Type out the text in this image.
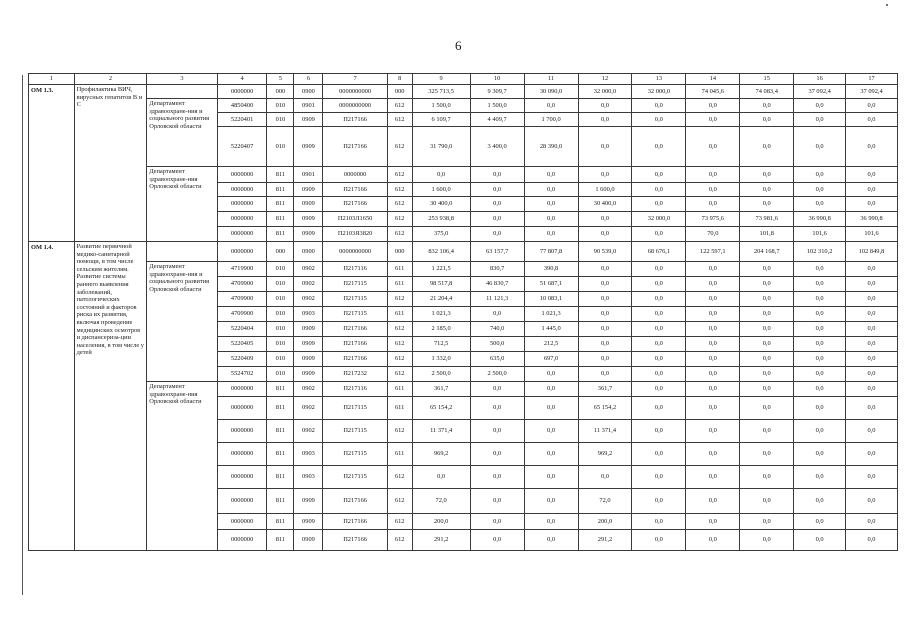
6
1	2	3	4	5	6	7	8	9	10	11	12	13	14	15	16	17
ОМ 1.3.	Профилактика ВИЧ, вирусных гепатитов В и С		0000000	000	0900	0000000000	000	325 713,5	9 309,7	30 090,0	32 000,0	32 000,0	74 045,6	74 083,4	37 092,4	37 092,4
		Департамент здравоохране-ния и социального развития Орловской области	4850400	010	0901	0000000000	612	1 500,0	1 500,0	0,0	0,0	0,0	0,0	0,0	0,0	0,0
			5220401	010	0909	П217166	612	6 109,7	4 409,7	1 700,0	0,0	0,0	0,0	0,0	0,0	0,0
			5220407	010	0909	П217166	612	31 790,0	3 400,0	28 390,0	0,0	0,0	0,0	0,0	0,0	0,0
		Департамент здравоохране-ния Орловской области	0000000	811	0901	0000000	612	0,0	0,0	0,0	0,0	0,0	0,0	0,0	0,0	0,0
			0000000	811	0909	П217166	612	1 600,0	0,0	0,0	1 600,0	0,0	0,0	0,0	0,0	0,0
			0000000	811	0909	П217166	612	30 400,0	0,0	0,0	30 400,0	0,0	0,0	0,0	0,0	0,0
			0000000	811	0909	П2103Л1650	612	253 938,8	0,0	0,0	0,0	32 000,0	73 975,6	73 981,6	36 990,8	36 990,8
			0000000	811	0909	П2103Я3820	612	375,0	0,0	0,0	0,0	0,0	70,0	101,8	101,6	101,6
ОМ 1.4.	Развитие первичной медико-санитарной помощи, в том числе сельским жителям. Развитие системы раннего выявления заболеваний, патологических состояний и факторов риска их развития, включая проведение медицинских осмотров и диспансериза-ции населения, в том числе у детей		0000000	000	0900	0000000000	000	832 106,4	63 157,7	77 807,8	90 539,0	68 676,1	122 597,1	204 168,7	102 310,2	102 849,8
		Департамент здравоохране-ния и социального развития Орловской области	4719900	010	0902	П217116	611	1 221,5	830,7	390,8	0,0	0,0	0,0	0,0	0,0	0,0
			4709900	010	0902	П217115	611	98 517,8	46 830,7	51 687,1	0,0	0,0	0,0	0,0	0,0	0,0
			4709900	010	0902	П217115	612	21 204,4	11 121,3	10 083,1	0,0	0,0	0,0	0,0	0,0	0,0
			4709900	010	0903	П217115	611	1 021,3	0,0	1 021,3	0,0	0,0	0,0	0,0	0,0	0,0
			5220404	010	0909	П217166	612	2 185,0	740,0	1 445,0	0,0	0,0	0,0	0,0	0,0	0,0
			5220405	010	0909	П217166	612	712,5	500,0	212,5	0,0	0,0	0,0	0,0	0,0	0,0
			5220409	010	0909	П217166	612	1 332,0	635,0	697,0	0,0	0,0	0,0	0,0	0,0	0,0
			5524702	010	0909	П217232	612	2 500,0	2 500,0	0,0	0,0	0,0	0,0	0,0	0,0	0,0
		Департамент здравоохране-ния Орловской области	0000000	811	0902	П217116	611	361,7	0,0	0,0	361,7	0,0	0,0	0,0	0,0	0,0
			0000000	811	0902	П217115	611	65 154,2	0,0	0,0	65 154,2	0,0	0,0	0,0	0,0	0,0
			0000000	811	0902	П217115	612	11 371,4	0,0	0,0	11 371,4	0,0	0,0	0,0	0,0	0,0
			0000000	811	0903	П217115	611	969,2	0,0	0,0	969,2	0,0	0,0	0,0	0,0	0,0
			0000000	811	0903	П217115	612	0,0	0,0	0,0	0,0	0,0	0,0	0,0	0,0	0,0
			0000000	811	0909	П217166	612	72,0	0,0	0,0	72,0	0,0	0,0	0,0	0,0	0,0
			0000000	811	0909	П217166	612	200,0	0,0	0,0	200,0	0,0	0,0	0,0	0,0	0,0
			0000000	811	0909	П217166	612	291,2	0,0	0,0	291,2	0,0	0,0	0,0	0,0	0,0
